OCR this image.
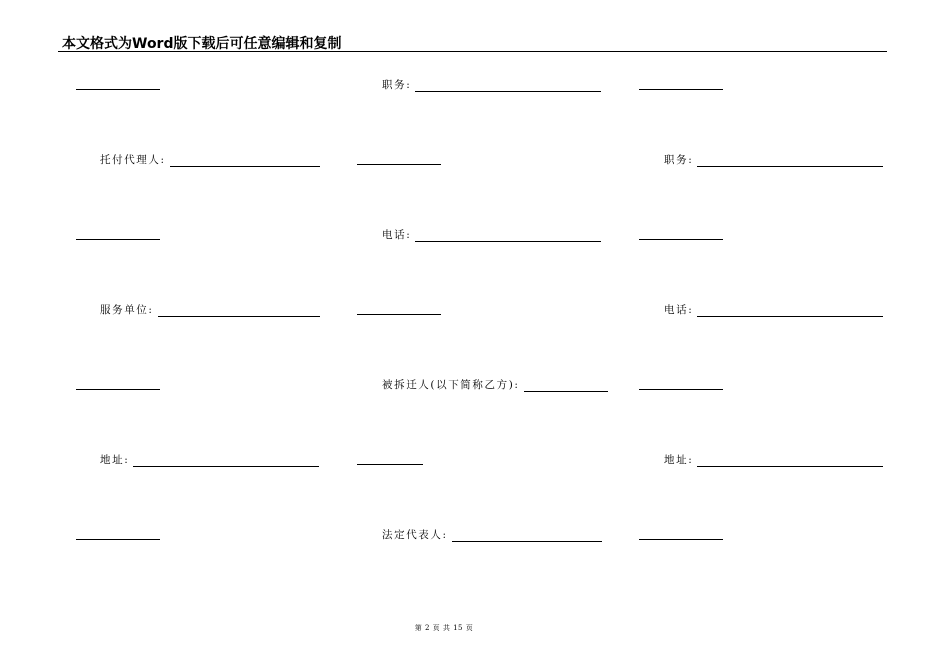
本文格式为Word版下载后可任意编辑和复制
职务:
托付代理人:	职务:
电话:
服务单位:	电话:
被拆迁人(以下简称乙方):
地址:	地址:
法定代表人:
第 2 页 共 15 页
